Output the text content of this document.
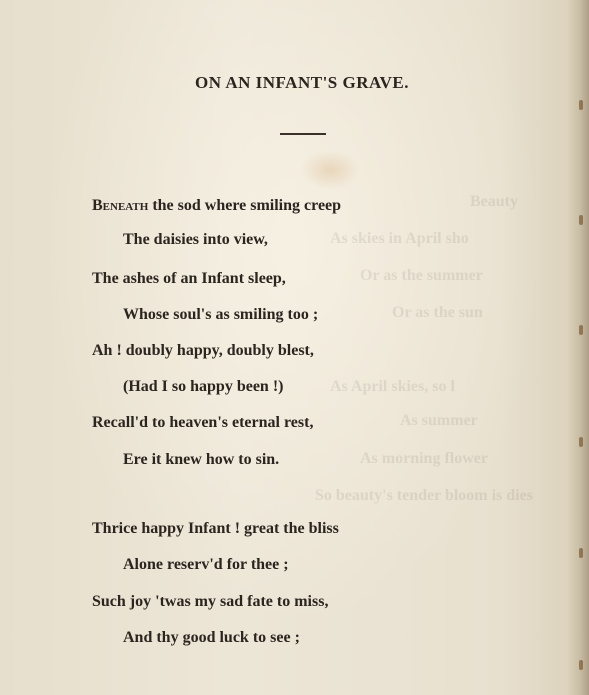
Beauty
As skies in April sho
Or as the summer
Or as the sun
As April skies, so l
As summer
As morning flower
So beauty's tender bloom is dies
ON AN INFANT'S GRAVE.
Beneath the sod where smiling creep
The daisies into view,
The ashes of an Infant sleep,
Whose soul's as smiling too ;
Ah ! doubly happy, doubly blest,
(Had I so happy been !)
Recall'd to heaven's eternal rest,
Ere it knew how to sin.
Thrice happy Infant ! great the bliss
Alone reserv'd for thee ;
Such joy 'twas my sad fate to miss,
And thy good luck to see ;
